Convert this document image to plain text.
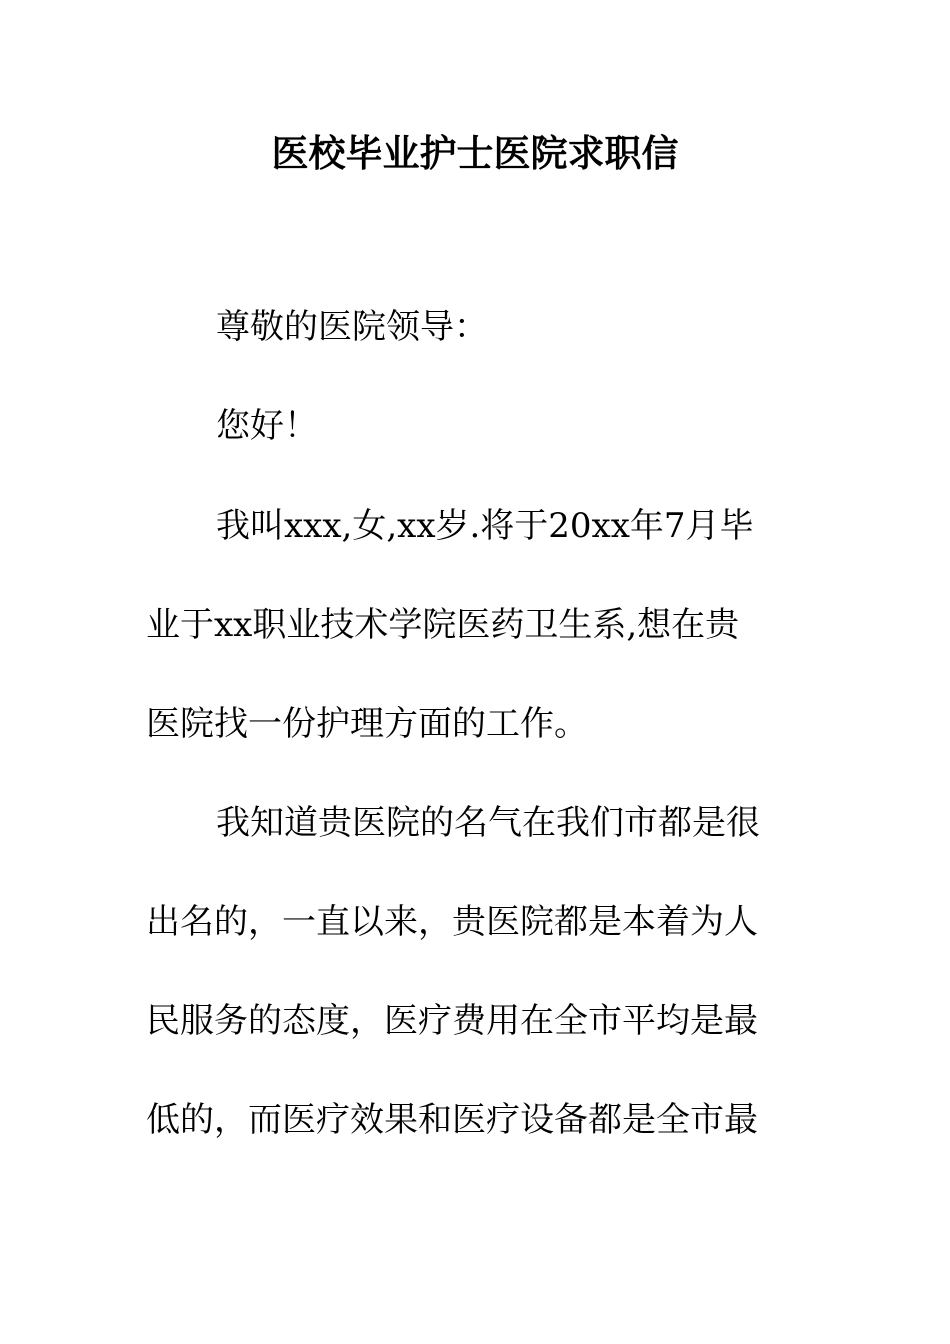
医校毕业护士医院求职信
尊敬的医院领导：
您好！
我叫xxx,女,xx岁.将于20xx年7月毕
业于xx职业技术学院医药卫生系,想在贵
医院找一份护理方面的工作。
我知道贵医院的名气在我们市都是很
出名的，一直以来，贵医院都是本着为人
民服务的态度，医疗费用在全市平均是最
低的，而医疗效果和医疗设备都是全市最
